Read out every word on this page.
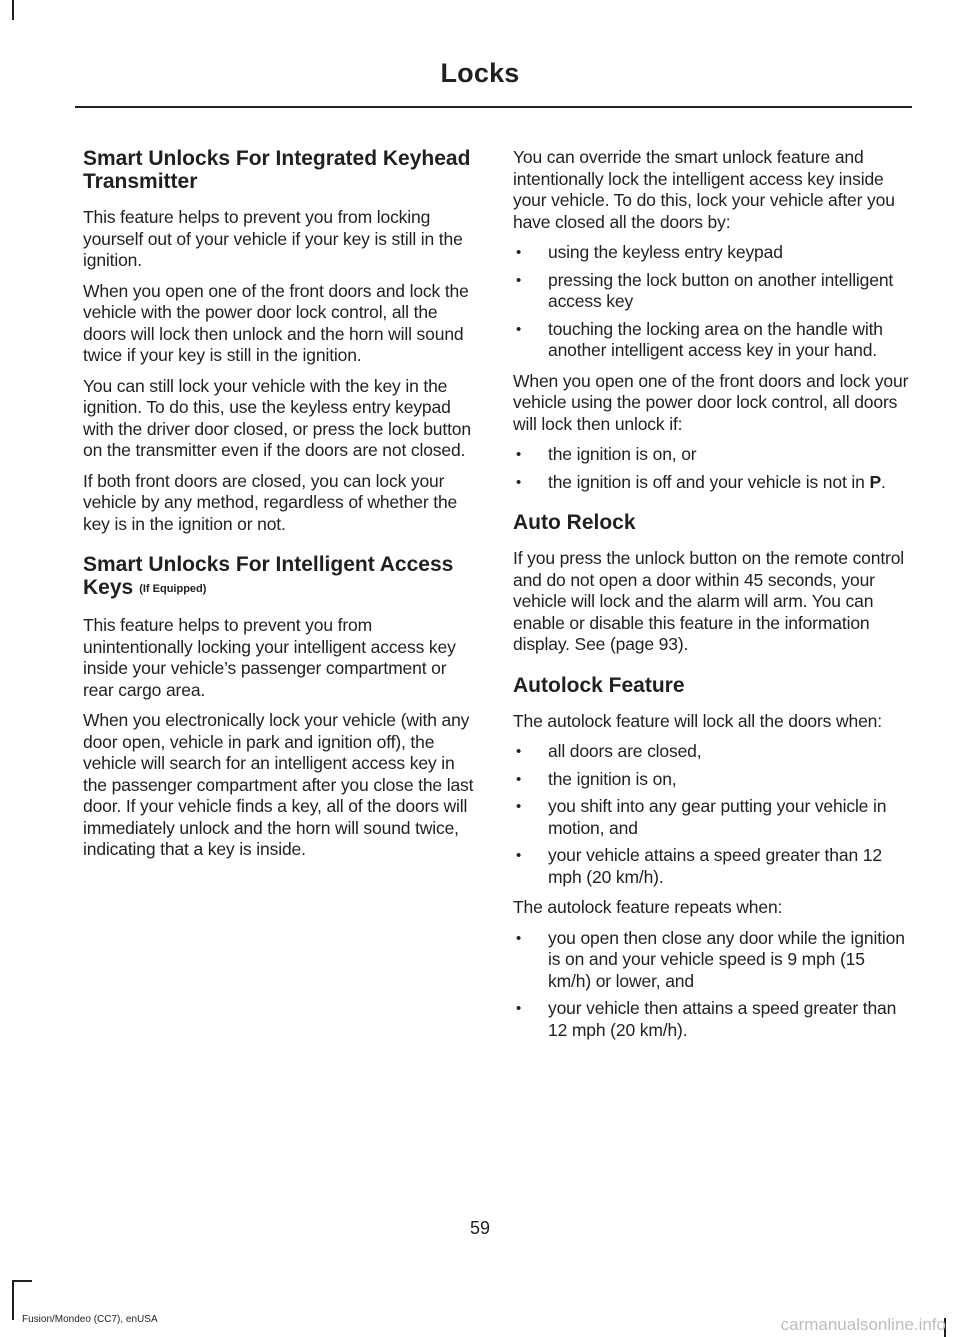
Locks
Smart Unlocks For Integrated Keyhead Transmitter

This feature helps to prevent you from locking yourself out of your vehicle if your key is still in the ignition.

When you open one of the front doors and lock the vehicle with the power door lock control, all the doors will lock then unlock and the horn will sound twice if your key is still in the ignition.

You can still lock your vehicle with the key in the ignition. To do this, use the keyless entry keypad with the driver door closed, or press the lock button on the transmitter even if the doors are not closed.

If both front doors are closed, you can lock your vehicle by any method, regardless of whether the key is in the ignition or not.

Smart Unlocks For Intelligent Access Keys (If Equipped)

This feature helps to prevent you from unintentionally locking your intelligent access key inside your vehicle’s passenger compartment or rear cargo area.

When you electronically lock your vehicle (with any door open, vehicle in park and ignition off), the vehicle will search for an intelligent access key in the passenger compartment after you close the last door. If your vehicle finds a key, all of the doors will immediately unlock and the horn will sound twice, indicating that a key is inside.

You can override the smart unlock feature and intentionally lock the intelligent access key inside your vehicle. To do this, lock your vehicle after you have closed all the doors by:

• using the keyless entry keypad
• pressing the lock button on another intelligent access key
• touching the locking area on the handle with another intelligent access key in your hand.

When you open one of the front doors and lock your vehicle using the power door lock control, all doors will lock then unlock if:

• the ignition is on, or
• the ignition is off and your vehicle is not in P.
Auto Relock

If you press the unlock button on the remote control and do not open a door within 45 seconds, your vehicle will lock and the alarm will arm. You can enable or disable this feature in the information display. See (page 93).

Autolock Feature

The autolock feature will lock all the doors when:

• all doors are closed,
• the ignition is on,
• you shift into any gear putting your vehicle in motion, and
• your vehicle attains a speed greater than 12 mph (20 km/h).

The autolock feature repeats when:

• you open then close any door while the ignition is on and your vehicle speed is 9 mph (15 km/h) or lower, and
• your vehicle then attains a speed greater than 12 mph (20 km/h).
59
Fusion/Mondeo (CC7), enUSA	carmanualsonline.info
